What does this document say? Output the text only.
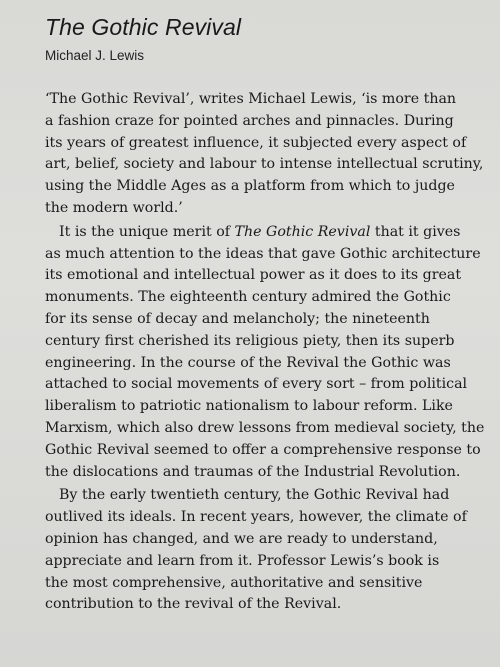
The Gothic Revival

Michael J. Lewis

‘The Gothic Revival’, writes Michael Lewis, ‘is more than
a fashion craze for pointed arches and pinnacles. During
its years of greatest influence, it subjected every aspect of
art, belief, society and labour to intense intellectual scrutiny,
using the Middle Ages as a platform from which to judge
the modern world.’
It is the unique merit of The Gothic Revival that it gives
as much attention to the ideas that gave Gothic architecture
its emotional and intellectual power as it does to its great
monuments. The eighteenth century admired the Gothic
for its sense of decay and melancholy; the nineteenth
century first cherished its religious piety, then its superb
engineering. In the course of the Revival the Gothic was
attached to social movements of every sort – from political
liberalism to patriotic nationalism to labour reform. Like
Marxism, which also drew lessons from medieval society, the
Gothic Revival seemed to offer a comprehensive response to
the dislocations and traumas of the Industrial Revolution.
By the early twentieth century, the Gothic Revival had
outlived its ideals. In recent years, however, the climate of
opinion has changed, and we are ready to understand,
appreciate and learn from it. Professor Lewis’s book is
the most comprehensive, authoritative and sensitive
contribution to the revival of the Revival.
